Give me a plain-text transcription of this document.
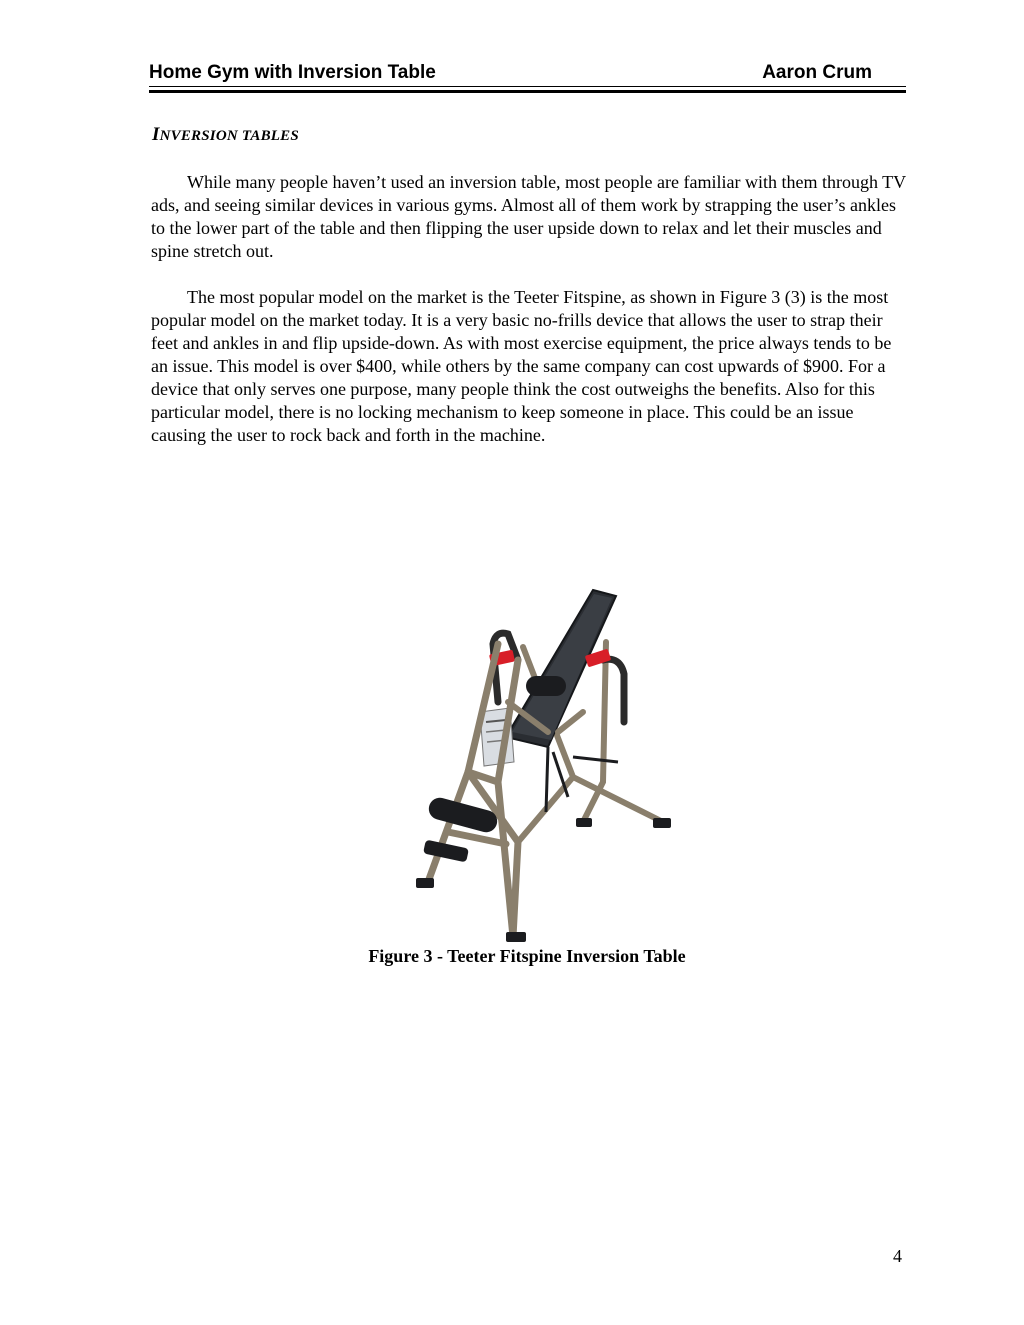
Home Gym with Inversion Table	Aaron Crum
INVERSION TABLES

While many people haven’t used an inversion table, most people are familiar with them through TV ads, and seeing similar devices in various gyms. Almost all of them work by strapping the user’s ankles to the lower part of the table and then flipping the user upside down to relax and let their muscles and spine stretch out.

The most popular model on the market is the Teeter Fitspine, as shown in Figure 3 (3) is the most popular model on the market today. It is a very basic no-frills device that allows the user to strap their feet and ankles in and flip upside-down. As with most exercise equipment, the price always tends to be an issue. This model is over $400, while others by the same company can cost upwards of $900. For a device that only serves one purpose, many people think the cost outweighs the benefits. Also for this particular model, there is no locking mechanism to keep someone in place. This could be an issue causing the user to rock back and forth in the machine.

Figure 3 - Teeter Fitspine Inversion Table
4
